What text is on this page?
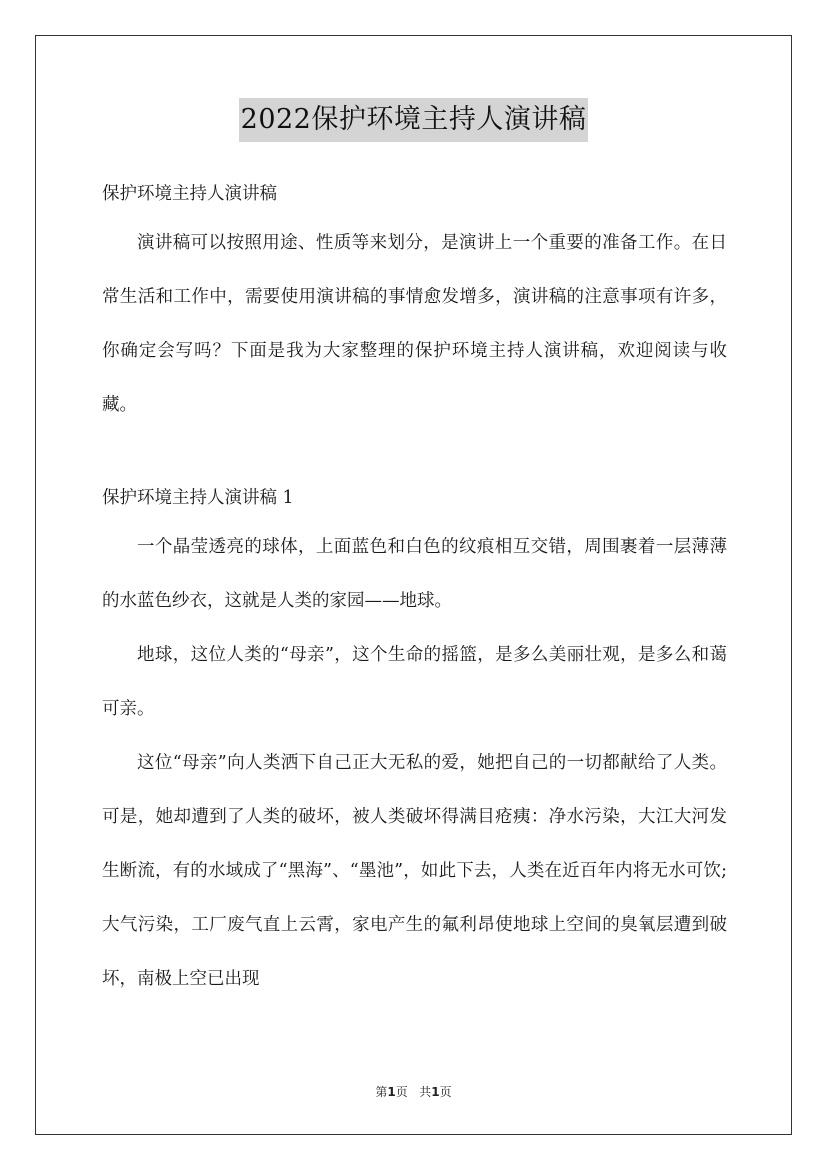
2022保护环境主持人演讲稿

保护环境主持人演讲稿

演讲稿可以按照用途、性质等来划分，是演讲上一个重要的准备工作。在日常生活和工作中，需要使用演讲稿的事情愈发增多，演讲稿的注意事项有许多，你确定会写吗？下面是我为大家整理的保护环境主持人演讲稿，欢迎阅读与收藏。

保护环境主持人演讲稿 1

一个晶莹透亮的球体，上面蓝色和白色的纹痕相互交错，周围裹着一层薄薄的水蓝色纱衣，这就是人类的家园——地球。

地球，这位人类的“母亲”，这个生命的摇篮，是多么美丽壮观，是多么和蔼可亲。

这位“母亲”向人类洒下自己正大无私的爱，她把自己的一切都献给了人类。可是，她却遭到了人类的破坏，被人类破坏得满目疮痍：净水污染，大江大河发生断流，有的水域成了“黑海”、“墨池”，如此下去，人类在近百年内将无水可饮;大气污染，工厂废气直上云霄，家电产生的氟利昂使地球上空间的臭氧层遭到破坏，南极上空已出现

第1页 共1页
